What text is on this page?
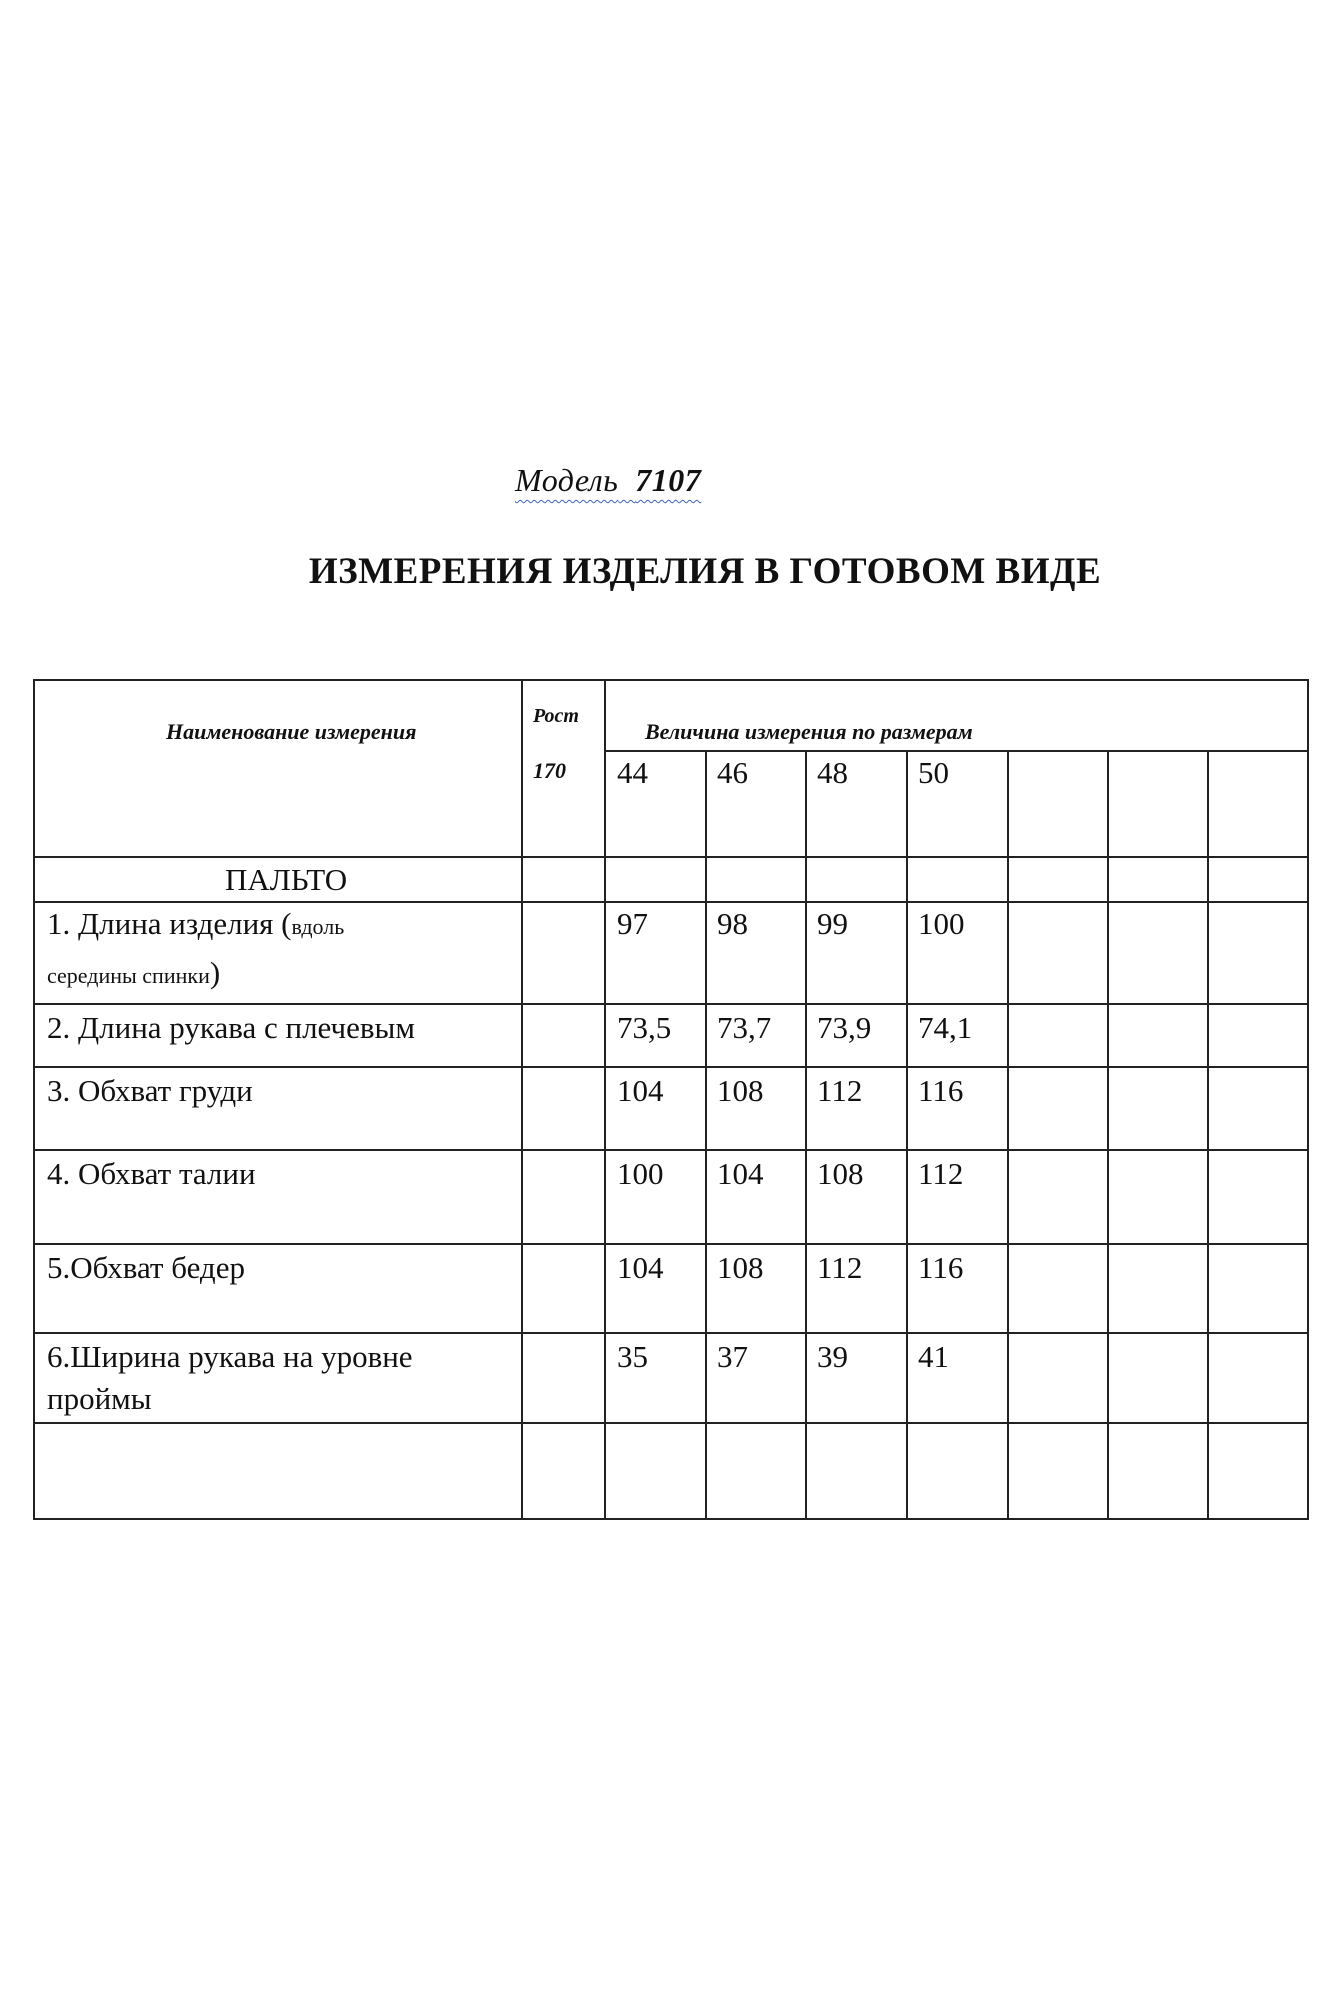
Модель 7107
ИЗМЕРЕНИЯ ИЗДЕЛИЯ В ГОТОВОМ ВИДЕ
Наименование измерения
Рост
170
Величина измерения по размерам
44 46 48 50
ПАЛЬТО
1. Длина изделия (вдоль
середины спинки)
97 98 99 100
2. Длина рукава с плечевым	73,5 73,7 73,9 74,1
3. Обхват груди	104 108 112 116
4. Обхват талии	100 104 108 112
5.Обхват бедер	104 108 112 116
6.Ширина рукава на уровне
проймы
35 37 39 41
